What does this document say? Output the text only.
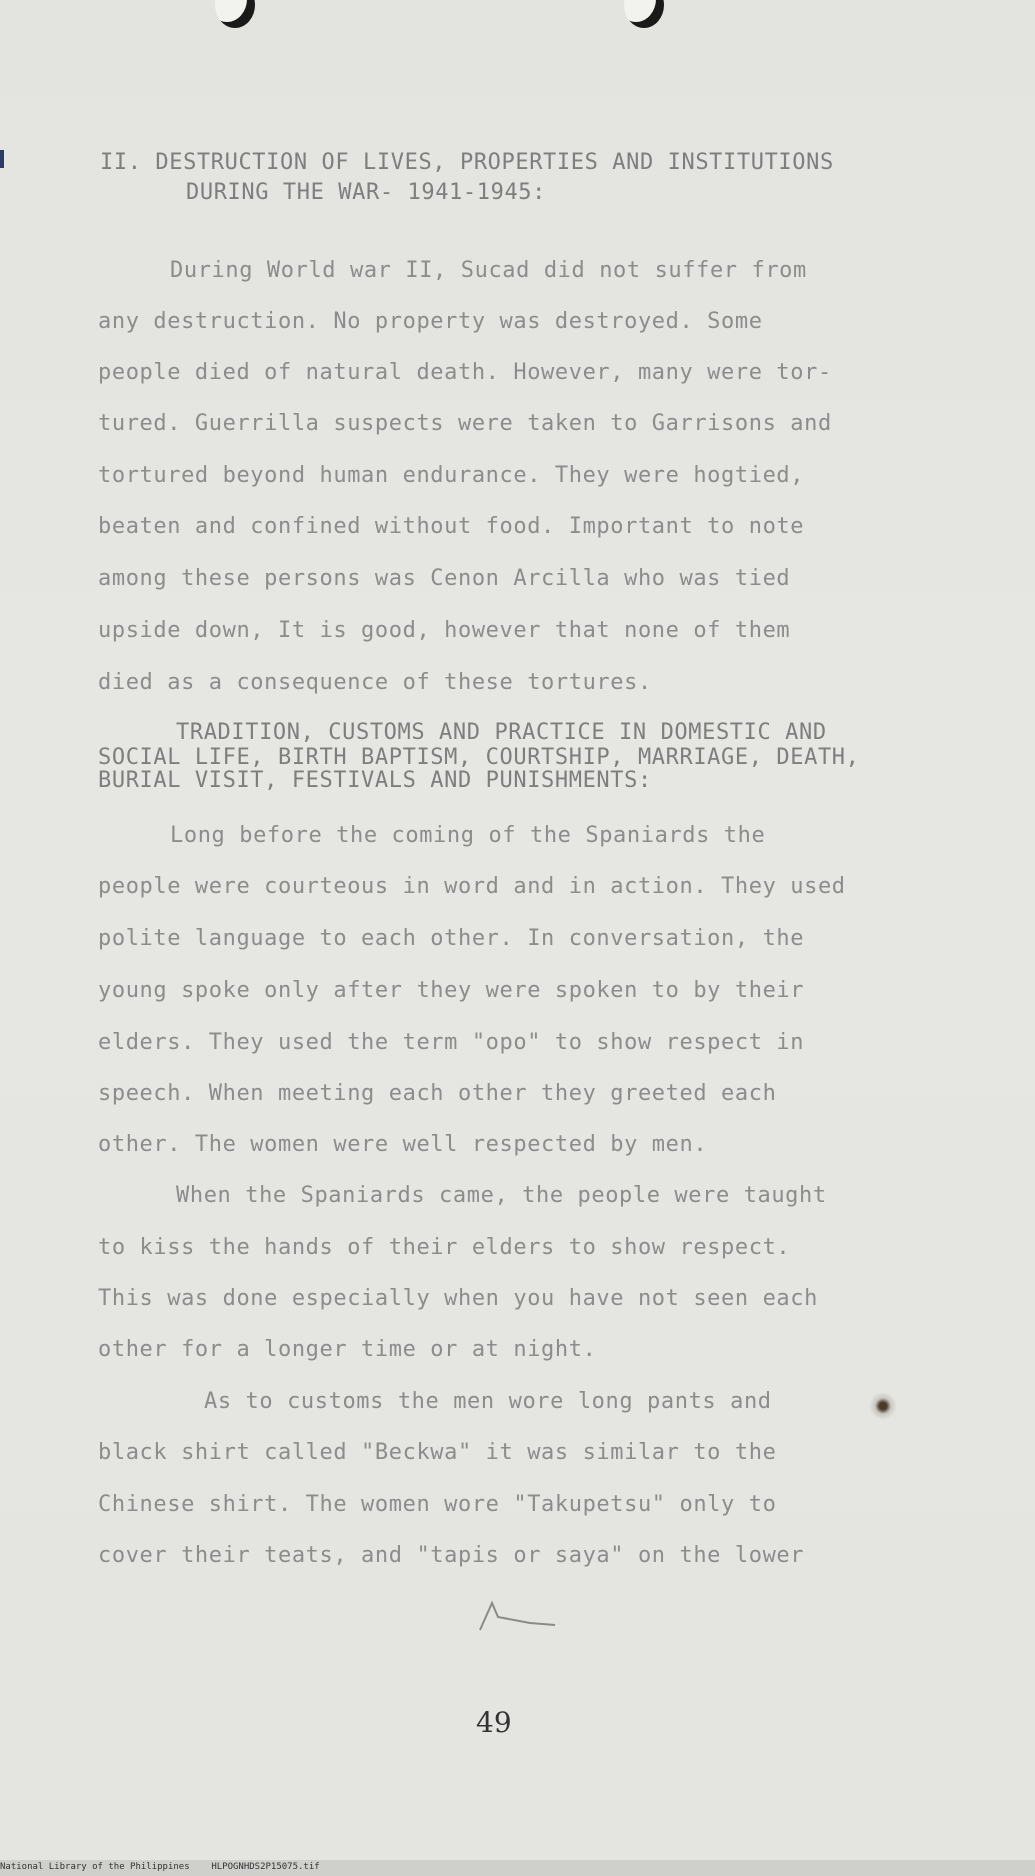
II. DESTRUCTION OF LIVES, PROPERTIES AND INSTITUTIONS
DURING THE WAR- 1941-1945:
During World war II, Sucad did not suffer from
any destruction. No property was destroyed. Some
people died of natural death. However, many were tor-
tured. Guerrilla suspects were taken to Garrisons and
tortured beyond human endurance. They were hogtied,
beaten and confined without food. Important to note
among these persons was Cenon Arcilla who was tied
upside down, It is good, however that none of them
died as a consequence of these tortures.
TRADITION, CUSTOMS AND PRACTICE IN DOMESTIC AND
SOCIAL LIFE, BIRTH BAPTISM, COURTSHIP, MARRIAGE, DEATH,
BURIAL VISIT, FESTIVALS AND PUNISHMENTS:
Long before the coming of the Spaniards the
people were courteous in word and in action. They used
polite language to each other. In conversation, the
young spoke only after they were spoken to by their
elders. They used the term "opo" to show respect in
speech. When meeting each other they greeted each
other. The women were well respected by men.
When the Spaniards came, the people were taught
to kiss the hands of their elders to show respect.
This was done especially when you have not seen each
other for a longer time or at night.
As to customs the men wore long pants and
black shirt called "Beckwa" it was similar to the
Chinese shirt. The women wore "Takupetsu" only to
cover their teats, and "tapis or saya" on the lower
49
National Library of the Philippines    HLPOGNHDS2P15075.tif
